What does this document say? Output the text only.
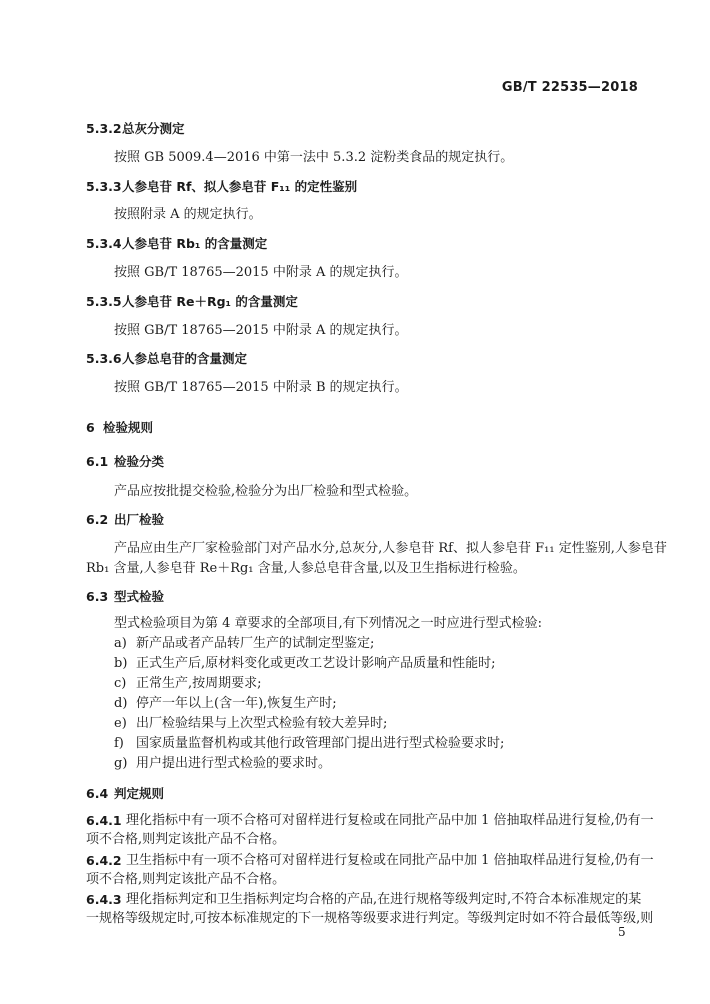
GB/T 22535—2018
5.3.2 总灰分测定
按照 GB 5009.4—2016 中第一法中 5.3.2 淀粉类食品的规定执行。
5.3.3 人参皂苷 Rf、拟人参皂苷 F₁₁ 的定性鉴别
按照附录 A 的规定执行。
5.3.4 人参皂苷 Rb₁ 的含量测定
按照 GB/T 18765—2015 中附录 A 的规定执行。
5.3.5 人参皂苷 Re＋Rg₁ 的含量测定
按照 GB/T 18765—2015 中附录 A 的规定执行。
5.3.6 人参总皂苷的含量测定
按照 GB/T 18765—2015 中附录 B 的规定执行。
6 检验规则
6.1 检验分类
产品应按批提交检验,检验分为出厂检验和型式检验。
6.2 出厂检验
产品应由生产厂家检验部门对产品水分,总灰分,人参皂苷 Rf、拟人参皂苷 F₁₁ 定性鉴别,人参皂苷
Rb₁ 含量,人参皂苷 Re＋Rg₁ 含量,人参总皂苷含量,以及卫生指标进行检验。
6.3 型式检验
型式检验项目为第 4 章要求的全部项目,有下列情况之一时应进行型式检验:
a) 新产品或者产品转厂生产的试制定型鉴定;
b) 正式生产后,原材料变化或更改工艺设计影响产品质量和性能时;
c) 正常生产,按周期要求;
d) 停产一年以上(含一年),恢复生产时;
e) 出厂检验结果与上次型式检验有较大差异时;
f) 国家质量监督机构或其他行政管理部门提出进行型式检验要求时;
g) 用户提出进行型式检验的要求时。
6.4 判定规则
6.4.1 理化指标中有一项不合格可对留样进行复检或在同批产品中加 1 倍抽取样品进行复检,仍有一
项不合格,则判定该批产品不合格。
6.4.2 卫生指标中有一项不合格可对留样进行复检或在同批产品中加 1 倍抽取样品进行复检,仍有一
项不合格,则判定该批产品不合格。
6.4.3 理化指标判定和卫生指标判定均合格的产品,在进行规格等级判定时,不符合本标准规定的某
一规格等级规定时,可按本标准规定的下一规格等级要求进行判定。等级判定时如不符合最低等级,则
5
